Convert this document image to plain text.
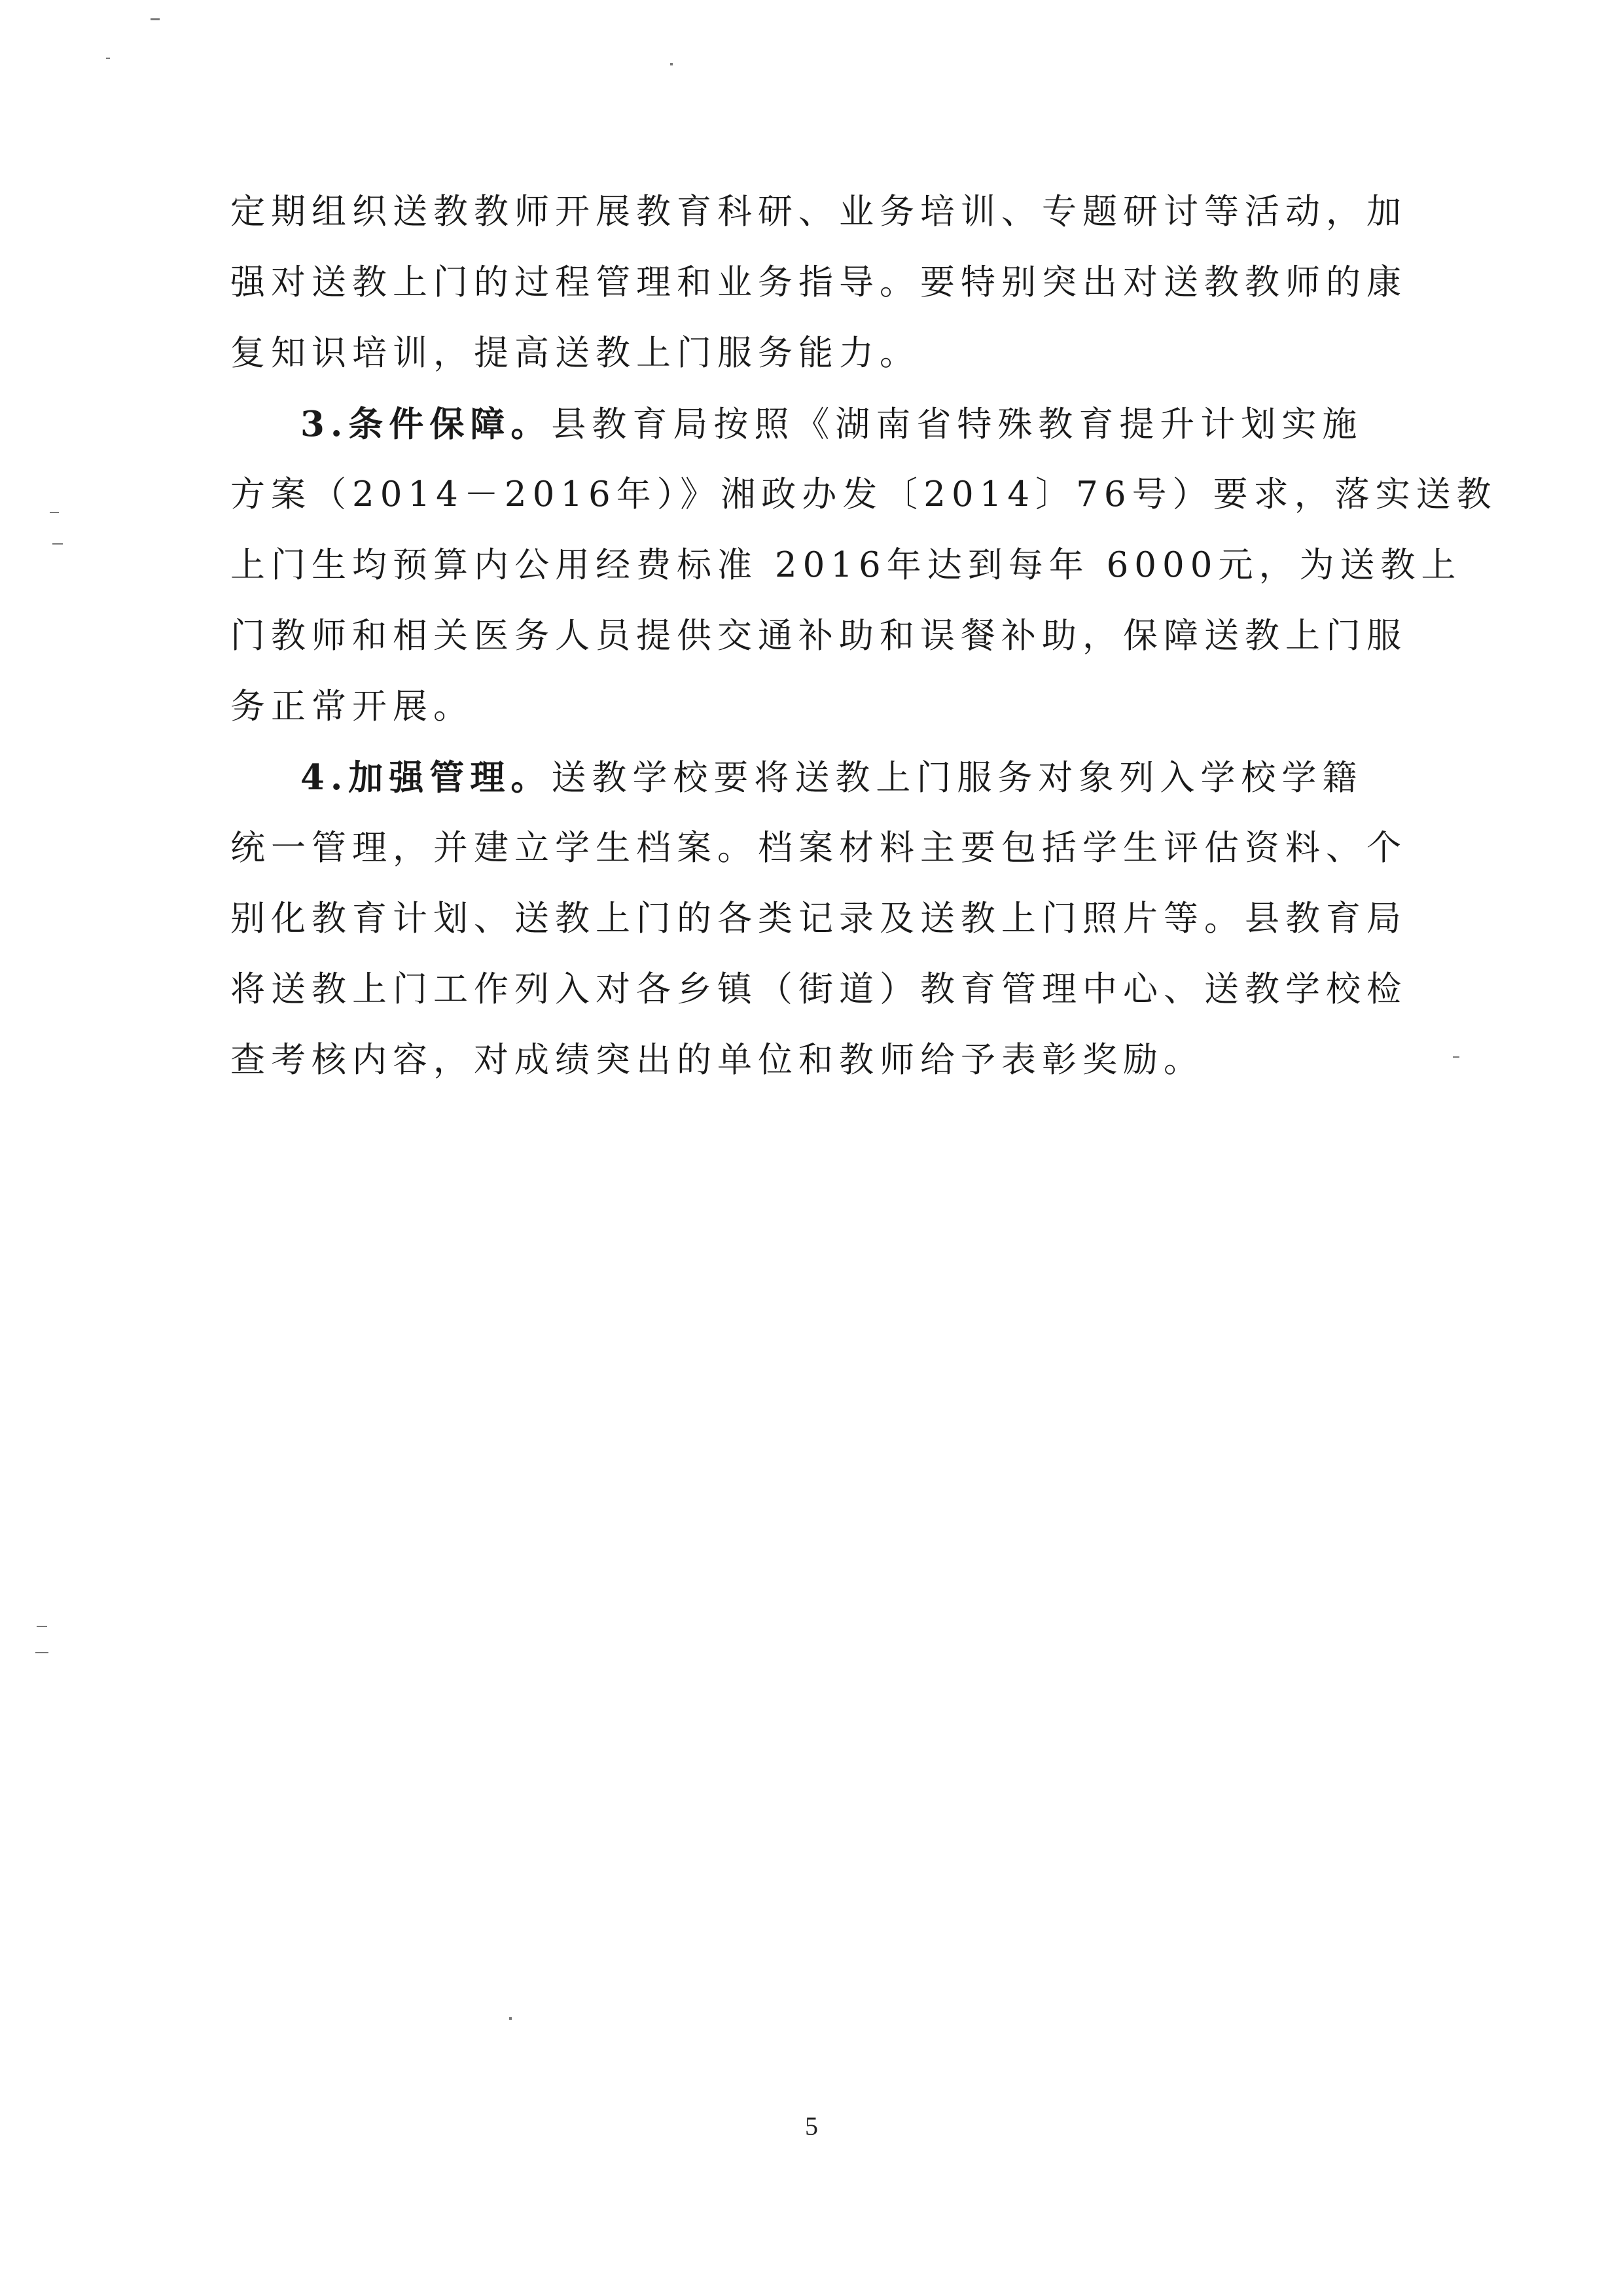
定期组织送教教师开展教育科研、业务培训、专题研讨等活动，加
强对送教上门的过程管理和业务指导。要特别突出对送教教师的康
复知识培训，提高送教上门服务能力。
3.条件保障。县教育局按照《湖南省特殊教育提升计划实施
方案（2014－2016年）》湘政办发〔2014〕76号）要求，落实送教
上门生均预算内公用经费标准 2016年达到每年 6000元，为送教上
门教师和相关医务人员提供交通补助和误餐补助，保障送教上门服
务正常开展。
4.加强管理。送教学校要将送教上门服务对象列入学校学籍
统一管理，并建立学生档案。档案材料主要包括学生评估资料、个
别化教育计划、送教上门的各类记录及送教上门照片等。县教育局
将送教上门工作列入对各乡镇（街道）教育管理中心、送教学校检
查考核内容，对成绩突出的单位和教师给予表彰奖励。
5
